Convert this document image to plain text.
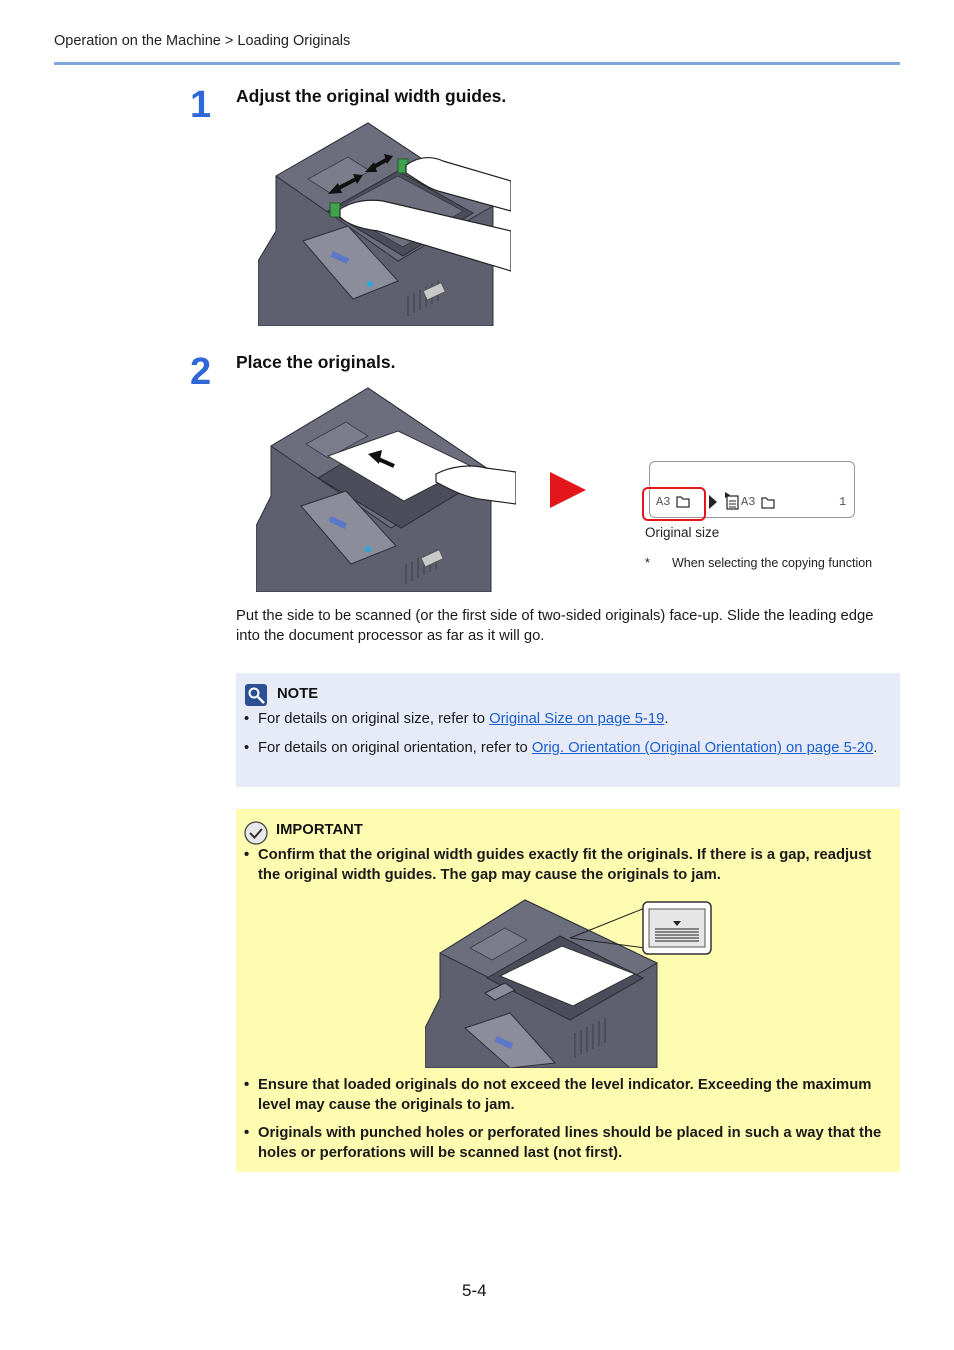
Operation on the Machine > Loading Originals
1 Adjust the original width guides.
2 Place the originals.
A3	A3	1
Original size
* When selecting the copying function
Put the side to be scanned (or the first side of two-sided originals) face-up. Slide the leading edge into the document processor as far as it will go.
NOTE
• For details on original size, refer to Original Size on page 5-19.
• For details on original orientation, refer to Orig. Orientation (Original Orientation) on page 5-20.
IMPORTANT
• Confirm that the original width guides exactly fit the originals. If there is a gap, readjust the original width guides. The gap may cause the originals to jam.
• Ensure that loaded originals do not exceed the level indicator. Exceeding the maximum level may cause the originals to jam.
• Originals with punched holes or perforated lines should be placed in such a way that the holes or perforations will be scanned last (not first).
5-4
